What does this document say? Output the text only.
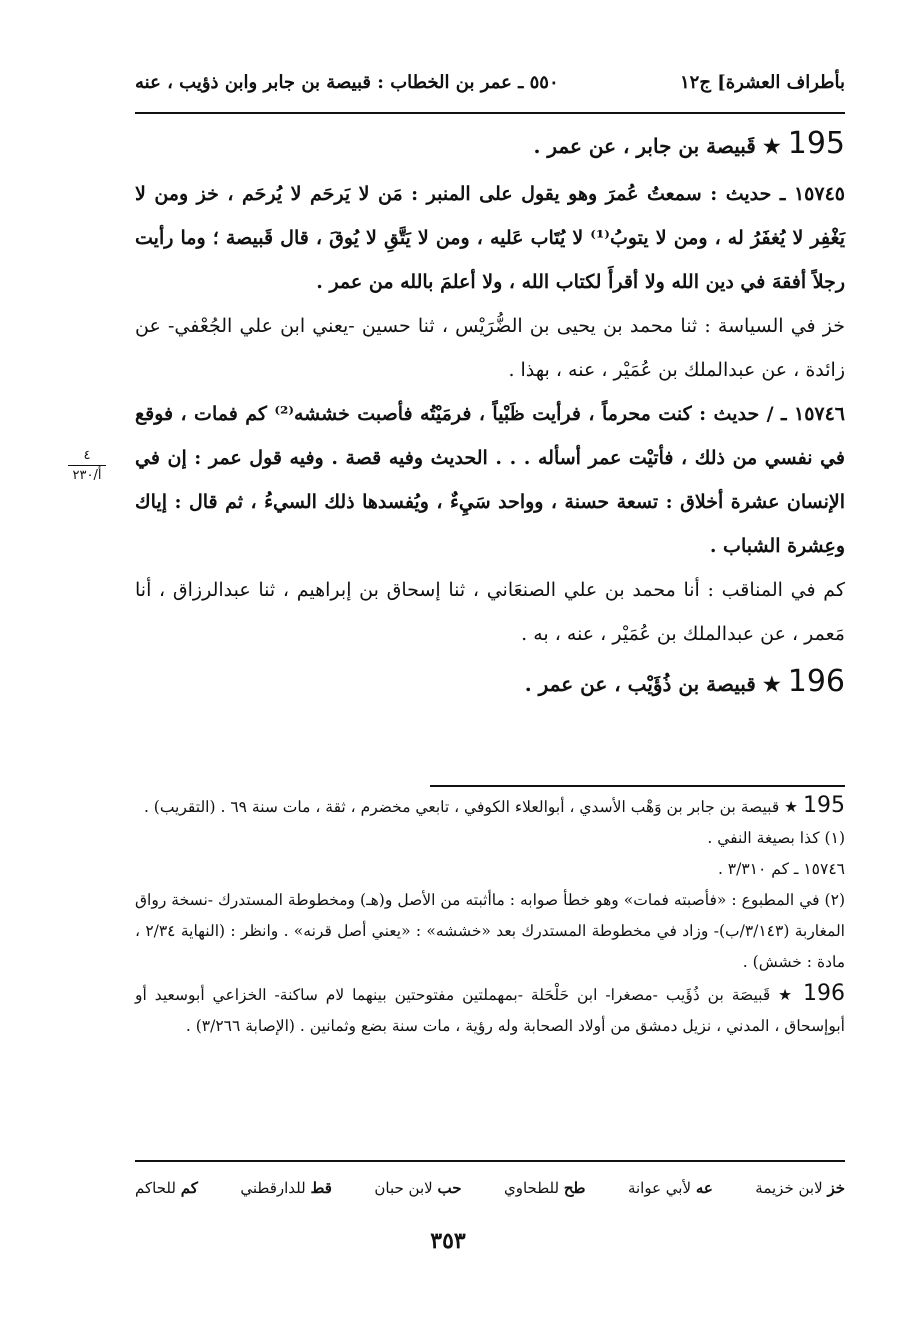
بأطراف العشرة] ج١٢
٥٥٠ ـ عمر بن الخطاب : قبيصة بن جابر وابن ذؤيب ، عنه

195 ★ قَبيصة بن جابر ، عن عمر .

١٥٧٤٥ ـ حديث : سمعتُ عُمرَ وهو يقول على المنبر : مَن لا يَرحَم لا يُرحَم ، خز ومن لا يَغْفِر لا يُغفَرُ له ، ومن لا يتوبُ⁽¹⁾ لا يُتَاب عَليه ، ومن لا يَتَّقِ لا يُوقَ ، قال قَبيصة ؛ وما رأيت رجلاً أفقهَ في دين الله ولا أقرأَ لكتاب الله ، ولا أعلمَ بالله من عمر .

خز في السياسة : ثنا محمد بن يحيى بن الضُّرَيْس ، ثنا حسين -يعني ابن علي الجُعْفي- عن زائدة ، عن عبدالملك بن عُمَيْر ، عنه ، بهذا .

١٥٧٤٦ ـ / حديث : كنت محرماً ، فرأيت ظَبْياً ، فرمَيْتُه فأصبت خششه⁽²⁾ كم فمات ، فوقع في نفسي من ذلك ، فأتيْت عمر أسأله . . . الحديث وفيه قصة . وفيه قول عمر : إن في الإنسان عشرة أخلاق : تسعة حسنة ، وواحد سَيِءٌ ، ويُفسدها ذلك السيءُ ، ثم قال : إياك وعِشرة الشباب .

كم في المناقب : أنا محمد بن علي الصنعَاني ، ثنا إسحاق بن إبراهيم ، ثنا عبدالرزاق ، أنا مَعمر ، عن عبدالملك بن عُمَيْر ، عنه ، به .

196 ★ قبيصة بن ذُؤَيْب ، عن عمر .

٤
أ/٢٣٠

195 ★ قبيصة بن جابر بن وَهْب الأسدي ، أبوالعلاء الكوفي ، تابعي مخضرم ، ثقة ، مات سنة ٦٩ . (التقريب) .

(١) كذا بصيغة النفي .

١٥٧٤٦ ـ كم ٣/٣١٠ .

(٢) في المطبوع : «فأصبته فمات» وهو خطأ صوابه : ماأثبته من الأصل و(هـ) ومخطوطة المستدرك -نسخة رواق المغاربة (٣/١٤٣/ب)- وزاد في مخطوطة المستدرك بعد «خششه» : «يعني أصل قرنه» . وانظر : (النهاية ٢/٣٤ ، مادة : خشش) .

196 ★ قَبيصَة بن ذُؤَيب -مصغرا- ابن حَلْحَلة -بمهملتين مفتوحتين بينهما لام ساكنة- الخزاعي أبوسعيد أو أبوإسحاق ، المدني ، نزيل دمشق من أولاد الصحابة وله رؤية ، مات سنة بضع وثمانين . (الإصابة ٣/٢٦٦) .

خز لابن خزيمة
عه لأبي عوانة
طح للطحاوي
حب لابن حبان
قط للدارقطني
كم للحاكم
٣٥٣
